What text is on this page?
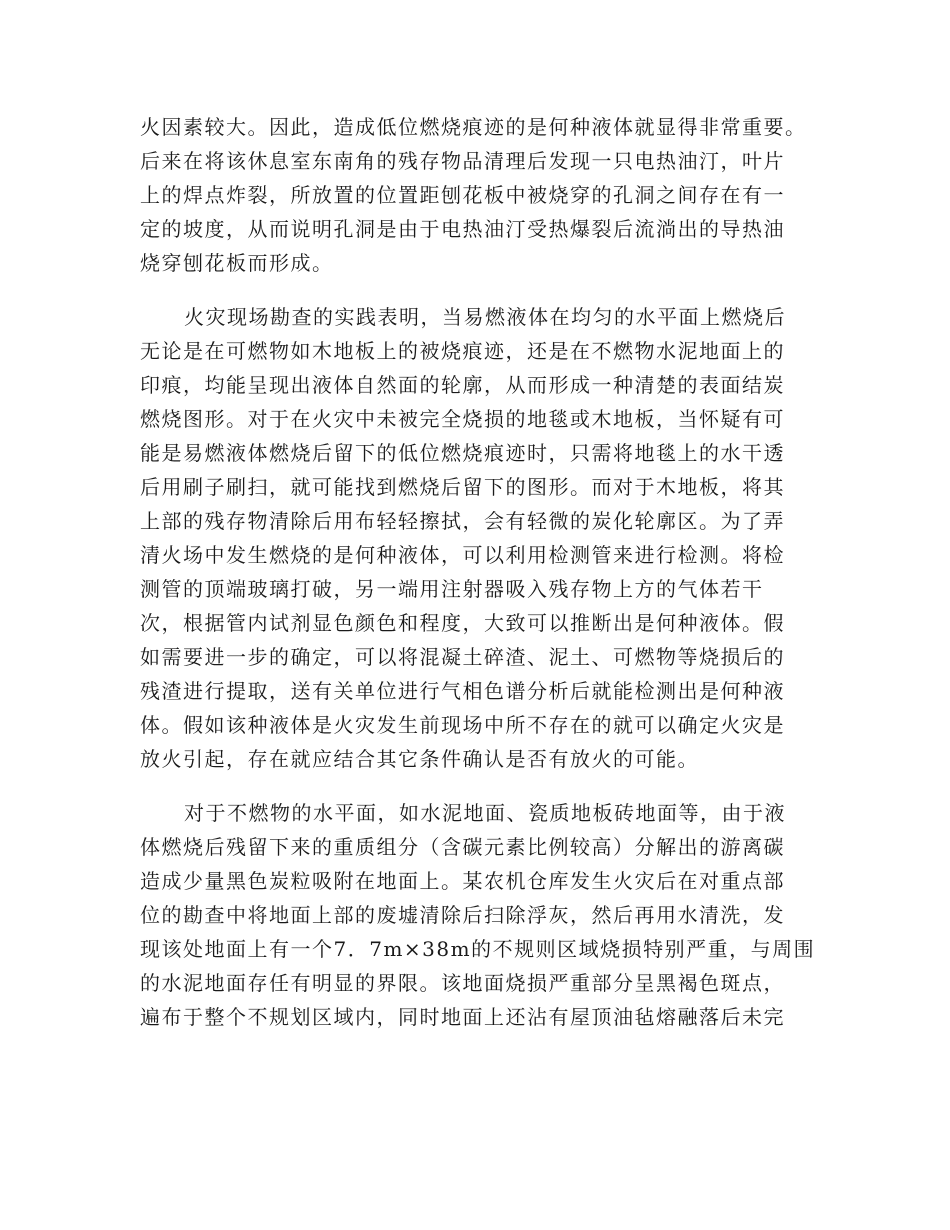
火因素较大。因此，造成低位燃烧痕迹的是何种液体就显得非常重要。
后来在将该休息室东南角的残存物品清理后发现一只电热油汀，叶片
上的焊点炸裂，所放置的位置距刨花板中被烧穿的孔洞之间存在有一
定的坡度，从而说明孔洞是由于电热油汀受热爆裂后流淌出的导热油
烧穿刨花板而形成。
火灾现场勘查的实践表明，当易燃液体在均匀的水平面上燃烧后
无论是在可燃物如木地板上的被烧痕迹，还是在不燃物水泥地面上的
印痕，均能呈现出液体自然面的轮廓，从而形成一种清楚的表面结炭
燃烧图形。对于在火灾中未被完全烧损的地毯或木地板，当怀疑有可
能是易燃液体燃烧后留下的低位燃烧痕迹时，只需将地毯上的水干透
后用刷子刷扫，就可能找到燃烧后留下的图形。而对于木地板，将其
上部的残存物清除后用布轻轻擦拭，会有轻微的炭化轮廓区。为了弄
清火场中发生燃烧的是何种液体，可以利用检测管来进行检测。将检
测管的顶端玻璃打破，另一端用注射器吸入残存物上方的气体若干
次，根据管内试剂显色颜色和程度，大致可以推断出是何种液体。假
如需要进一步的确定，可以将混凝土碎渣、泥土、可燃物等烧损后的
残渣进行提取，送有关单位进行气相色谱分析后就能检测出是何种液
体。假如该种液体是火灾发生前现场中所不存在的就可以确定火灾是
放火引起，存在就应结合其它条件确认是否有放火的可能。
对于不燃物的水平面，如水泥地面、瓷质地板砖地面等，由于液
体燃烧后残留下来的重质组分（含碳元素比例较高）分解出的游离碳
造成少量黑色炭粒吸附在地面上。某农机仓库发生火灾后在对重点部
位的勘查中将地面上部的废墟清除后扫除浮灰，然后再用水清洗，发
现该处地面上有一个7．7m×38m的不规则区域烧损特别严重，与周围
的水泥地面存任有明显的界限。该地面烧损严重部分呈黑褐色斑点，
遍布于整个不规划区域内，同时地面上还沾有屋顶油毡熔融落后未完
